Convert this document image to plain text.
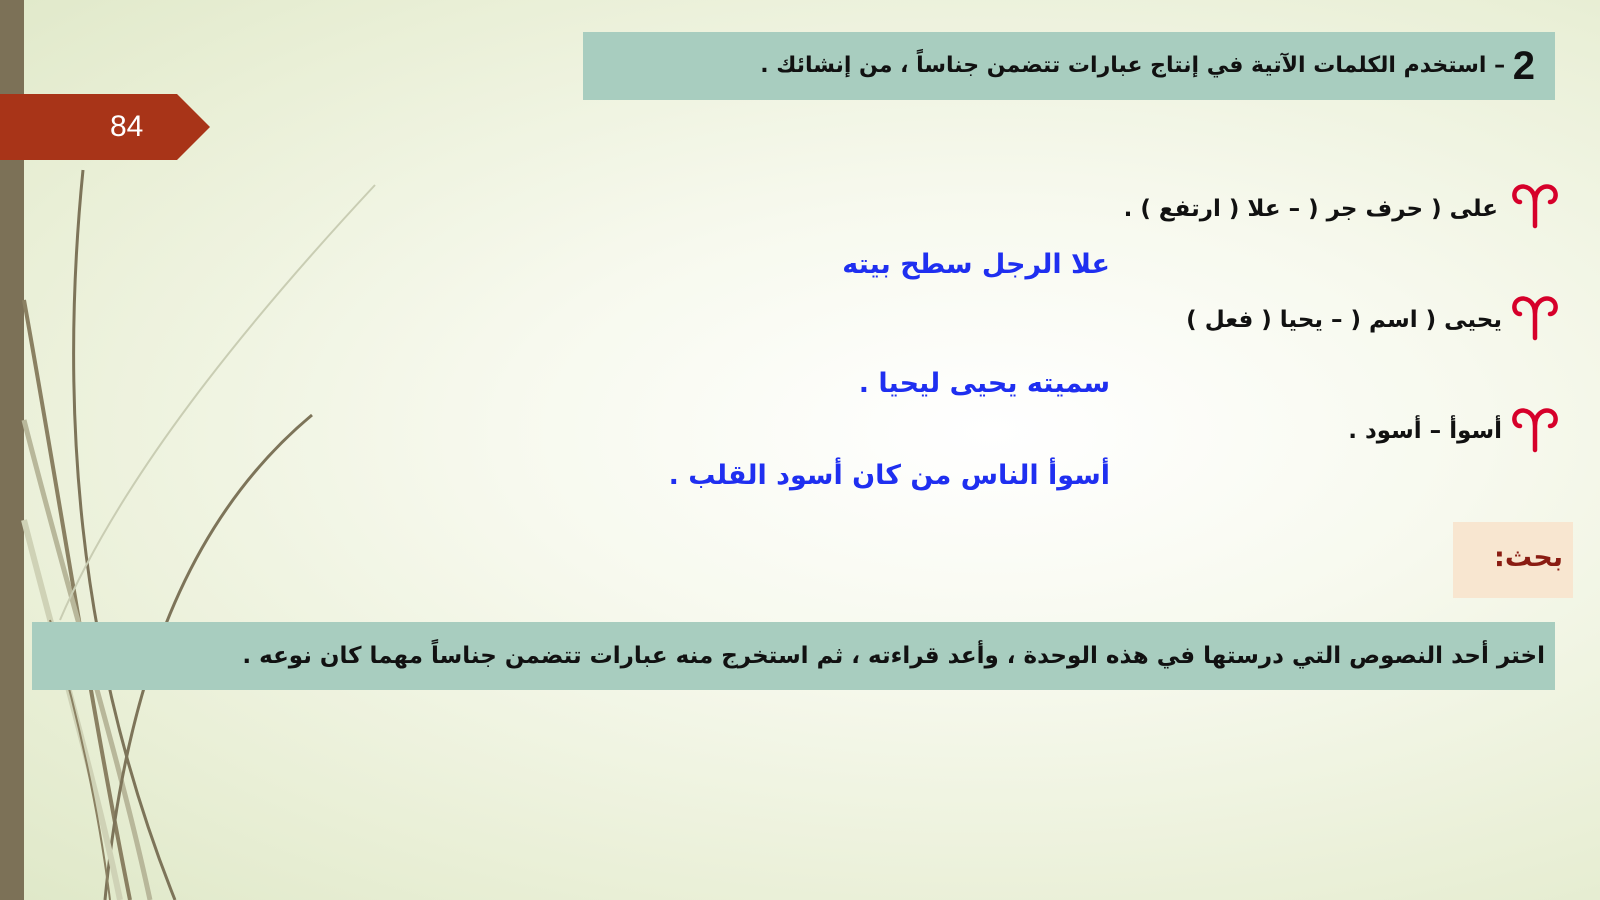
84
2 – استخدم الكلمات الآتية في إنتاج عبارات تتضمن جناساً ، من إنشائك .
على ( حرف جر ( – علا ( ارتفع ) .
علا الرجل سطح بيته
يحيى ( اسم ( – يحيا ( فعل )
سميته يحيى ليحيا .
أسوأ – أسود .
أسوأ الناس من كان أسود القلب .
بحث:
اختر أحد النصوص التي درستها في هذه الوحدة ، وأعد قراءته ، ثم استخرج منه عبارات تتضمن جناساً مهما كان نوعه .
